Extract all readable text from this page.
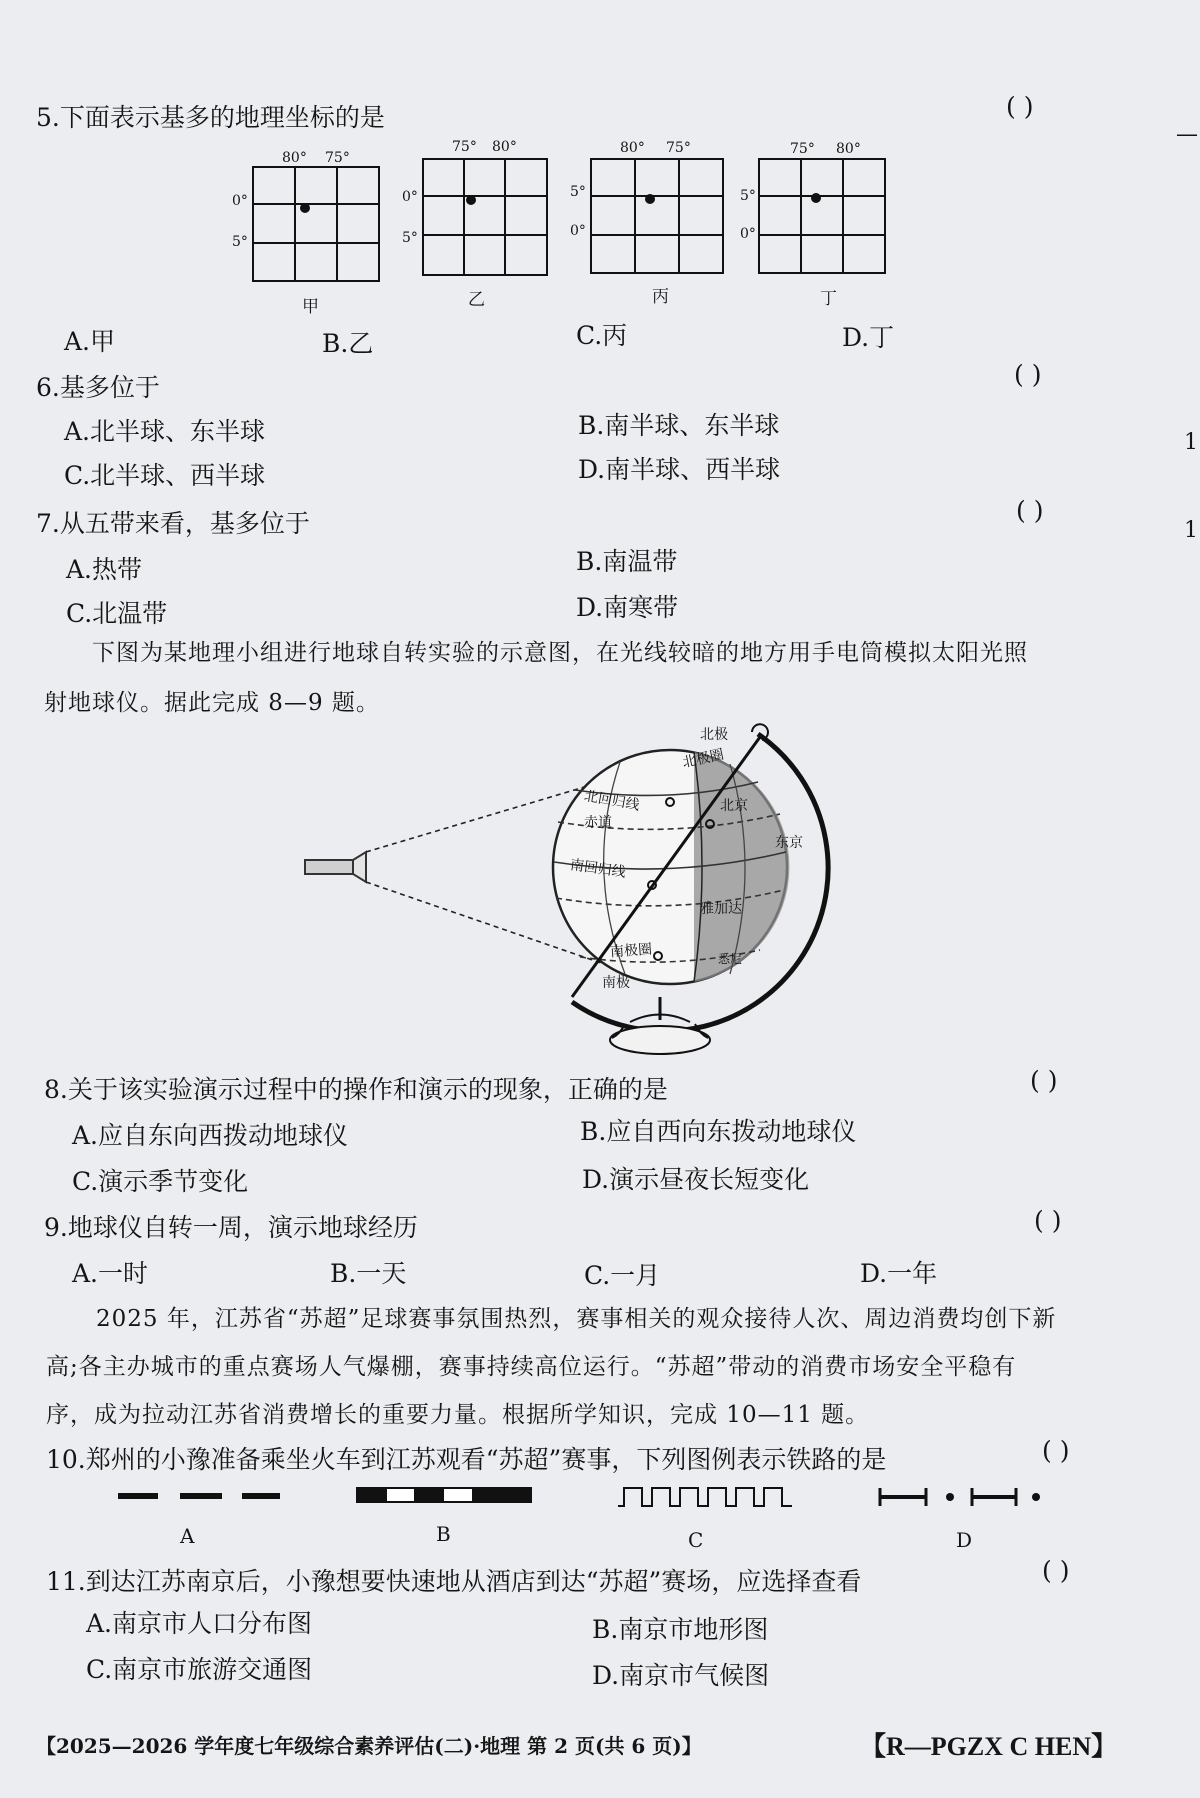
—
1
1
5.下面表示基多的地理坐标的是	( )
80° 75°
0°
5°
甲
75° 80°
0°
5°
乙
80° 75°
5°
0°
丙
75° 80°
5°
0°
丁
A.甲	B.乙	C.丙	D.丁
6.基多位于	( )
A.北半球、东半球	B.南半球、东半球
C.北半球、西半球	D.南半球、西半球
7.从五带来看，基多位于	( )
A.热带	B.南温带
C.北温带	D.南寒带
下图为某地理小组进行地球自转实验的示意图，在光线较暗的地方用手电筒模拟太阳光照
射地球仪。据此完成 8—9 题。
北极
北极圈
北回归线
赤道
南回归线
南极圈
南极
北京
东京
雅加达
悉尼
8.关于该实验演示过程中的操作和演示的现象，正确的是	( )
A.应自东向西拨动地球仪	B.应自西向东拨动地球仪
C.演示季节变化	D.演示昼夜长短变化
9.地球仪自转一周，演示地球经历	( )
A.一时	B.一天	C.一月	D.一年
2025 年，江苏省“苏超”足球赛事氛围热烈，赛事相关的观众接待人次、周边消费均创下新
高;各主办城市的重点赛场人气爆棚，赛事持续高位运行。“苏超”带动的消费市场安全平稳有
序，成为拉动江苏省消费增长的重要力量。根据所学知识，完成 10—11 题。
10.郑州的小豫准备乘坐火车到江苏观看“苏超”赛事，下列图例表示铁路的是	( )
A	B	C	D
11.到达江苏南京后，小豫想要快速地从酒店到达“苏超”赛场，应选择查看	( )
A.南京市人口分布图	B.南京市地形图
C.南京市旅游交通图	D.南京市气候图
【2025—2026 学年度七年级综合素养评估(二)·地理 第 2 页(共 6 页)】	【R—PGZX C HEN】
